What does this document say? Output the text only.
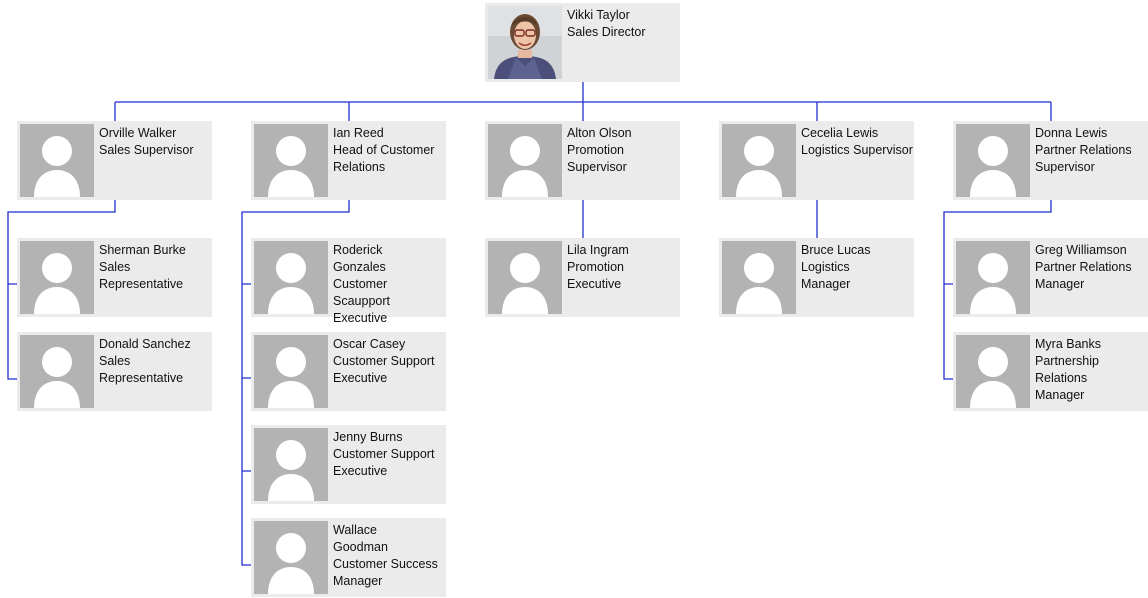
Vikki Taylor
Sales Director
Orville Walker
Sales Supervisor
Ian Reed
Head of Customer Relations
Alton Olson
Promotion Supervisor
Cecelia Lewis
Logistics Supervisor
Donna Lewis
Partner Relations Supervisor
Sherman Burke
Sales Representative
Donald Sanchez
Sales Representative
Roderick Gonzales
Customer Scaupport Executive
Oscar Casey
Customer Support Executive
Jenny Burns
Customer Support Executive
Wallace Goodman
Customer Success Manager
Lila Ingram
Promotion Executive
Bruce Lucas
Logistics Manager
Greg Williamson
Partner Relations Manager
Myra Banks
Partnership Relations Manager
